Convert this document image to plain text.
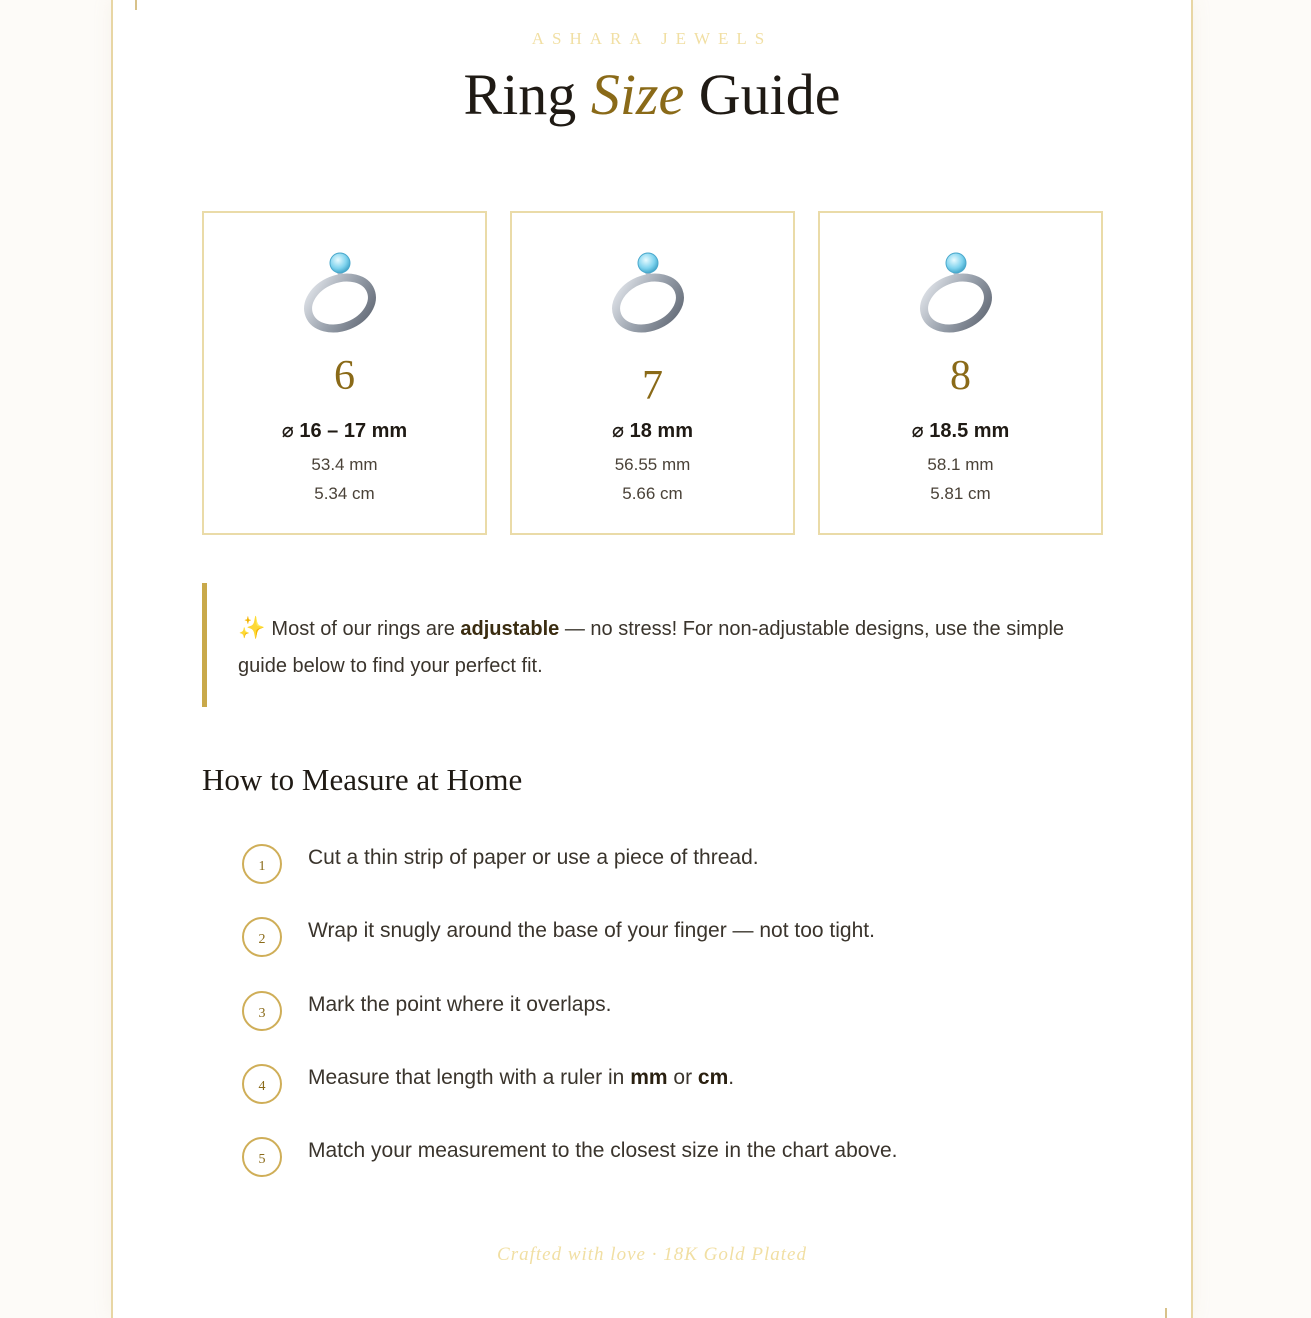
ASHARA JEWELS
Ring Size Guide
6
⌀ 16 – 17 mm
53.4 mm
5.34 cm
7
⌀ 18 mm
56.55 mm
5.66 cm
8
⌀ 18.5 mm
58.1 mm
5.81 cm
✨ Most of our rings are adjustable — no stress! For non-adjustable designs, use the simple guide below to find your perfect fit.
How to Measure at Home
1	Cut a thin strip of paper or use a piece of thread.
2	Wrap it snugly around the base of your finger — not too tight.
3	Mark the point where it overlaps.
4	Measure that length with a ruler in mm or cm.
5	Match your measurement to the closest size in the chart above.
Crafted with love · 18K Gold Plated
